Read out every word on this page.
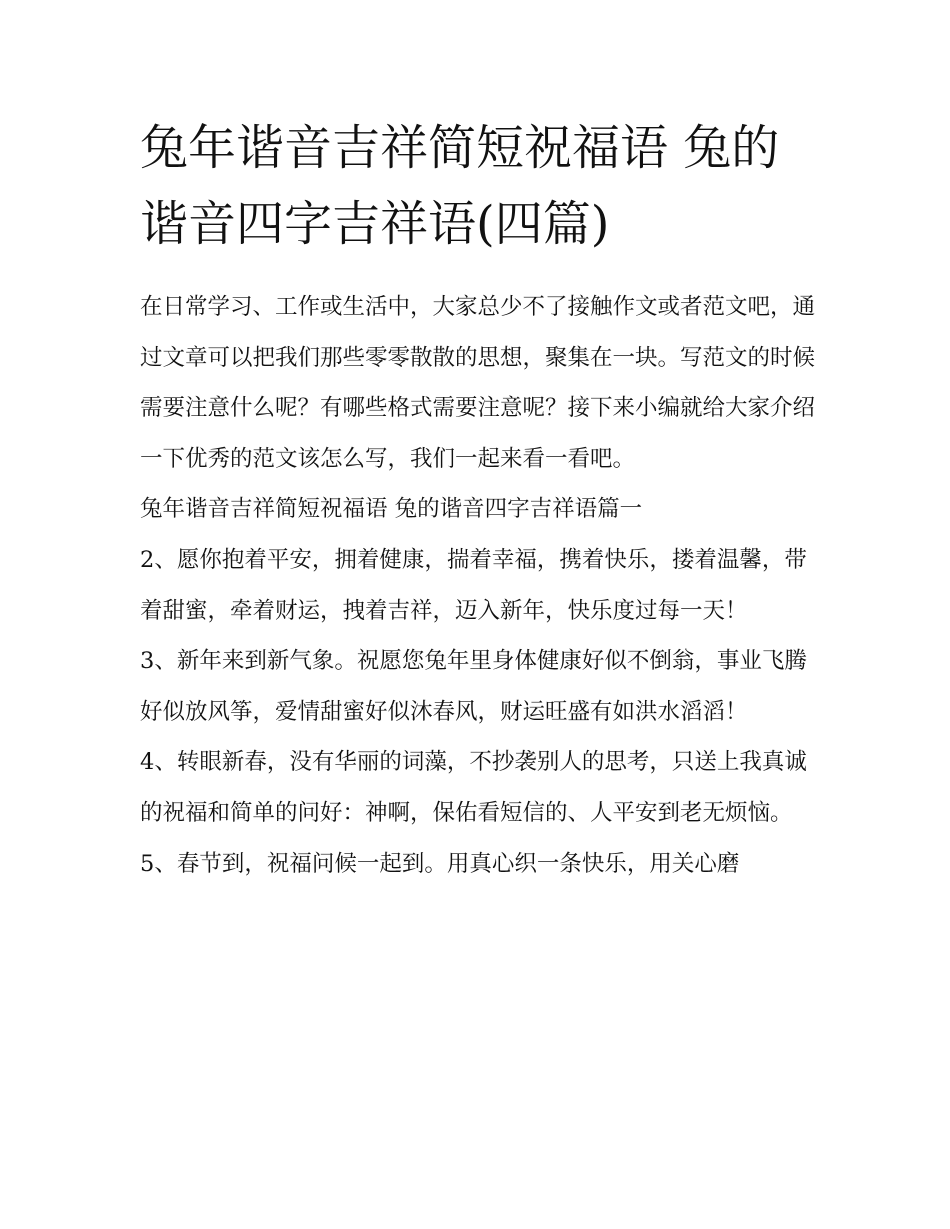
兔年谐音吉祥简短祝福语 兔的谐音四字吉祥语(四篇)

在日常学习、工作或生活中，大家总少不了接触作文或者范文吧，通过文章可以把我们那些零零散散的思想，聚集在一块。写范文的时候需要注意什么呢？有哪些格式需要注意呢？接下来小编就给大家介绍一下优秀的范文该怎么写，我们一起来看一看吧。

兔年谐音吉祥简短祝福语 兔的谐音四字吉祥语篇一

2、愿你抱着平安，拥着健康，揣着幸福，携着快乐，搂着温馨，带着甜蜜，牵着财运，拽着吉祥，迈入新年，快乐度过每一天！

3、新年来到新气象。祝愿您兔年里身体健康好似不倒翁，事业飞腾好似放风筝，爱情甜蜜好似沐春风，财运旺盛有如洪水滔滔！

4、转眼新春，没有华丽的词藻，不抄袭别人的思考，只送上我真诚的祝福和简单的问好：神啊，保佑看短信的、人平安到老无烦恼。

5、春节到，祝福问候一起到。用真心织一条快乐，用关心磨
